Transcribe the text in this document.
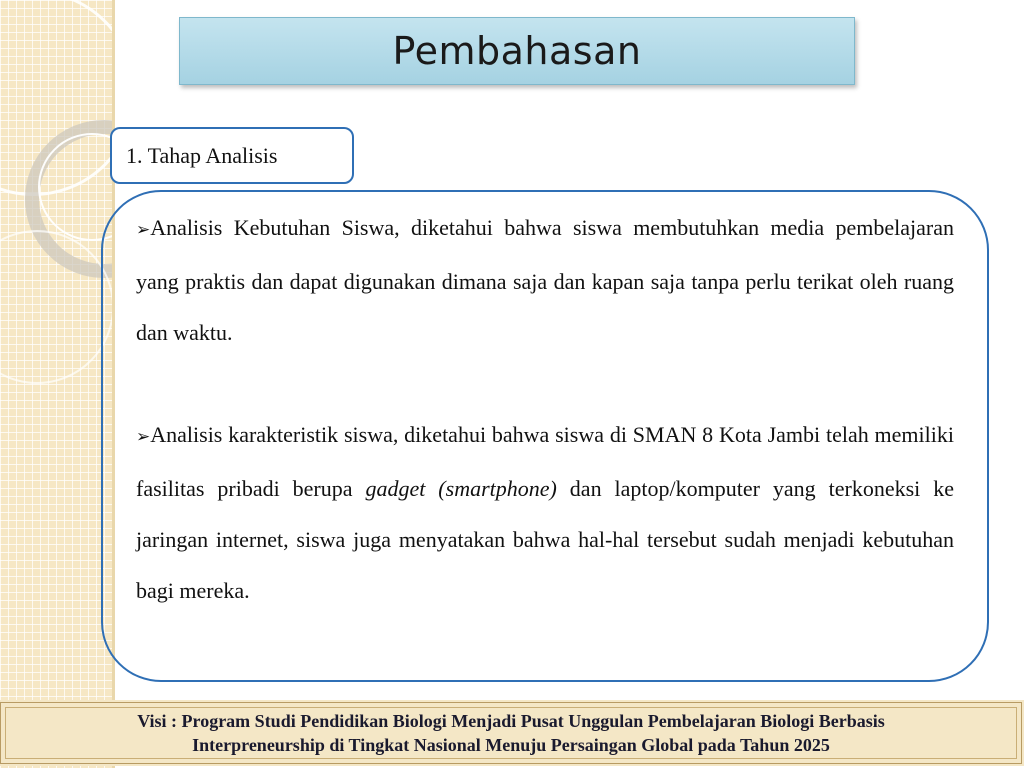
Pembahasan
1. Tahap Analisis

➢Analisis Kebutuhan Siswa, diketahui bahwa siswa membutuhkan media pembelajaran yang praktis dan dapat digunakan dimana saja dan kapan saja tanpa perlu terikat oleh ruang dan waktu.

➢Analisis karakteristik siswa, diketahui bahwa siswa di SMAN 8 Kota Jambi telah memiliki fasilitas pribadi berupa gadget (smartphone) dan laptop/komputer yang terkoneksi ke jaringan internet, siswa juga menyatakan bahwa hal-hal tersebut sudah menjadi kebutuhan bagi mereka.

Visi : Program Studi Pendidikan Biologi Menjadi Pusat Unggulan Pembelajaran Biologi Berbasis
Interpreneurship di Tingkat Nasional Menuju Persaingan Global pada Tahun 2025
